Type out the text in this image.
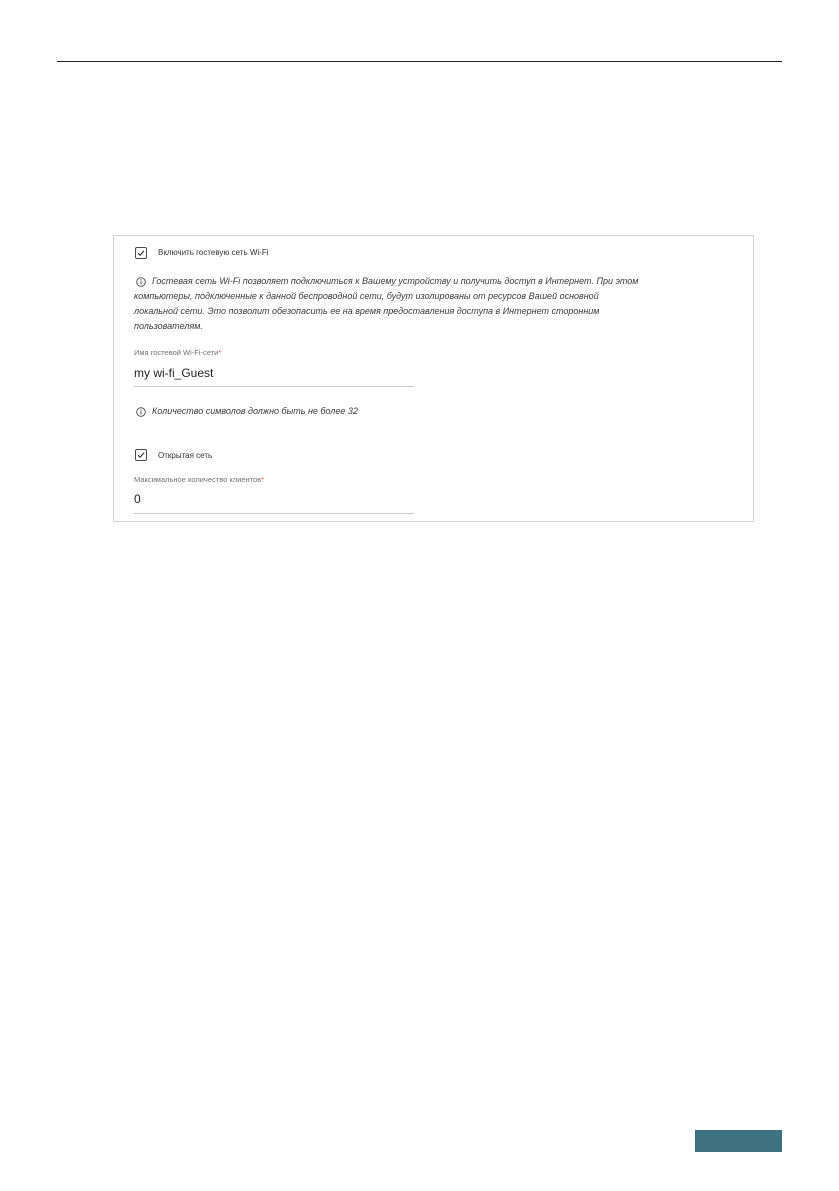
Включить гостевую сеть Wi-Fi
Гостевая сеть Wi-Fi позволяет подключиться к Вашему устройству и получить доступ в Интернет. При этом
компьютеры, подключенные к данной беспроводной сети, будут изолированы от ресурсов Вашей основной
локальной сети. Это позволит обезопасить ее на время предоставления доступа в Интернет сторонним
пользователям.
Имя гостевой Wi-Fi-сети*
my wi-fi_Guest
Количество символов должно быть не более 32
Открытая сеть
Максимальное количество клиентов*
0
